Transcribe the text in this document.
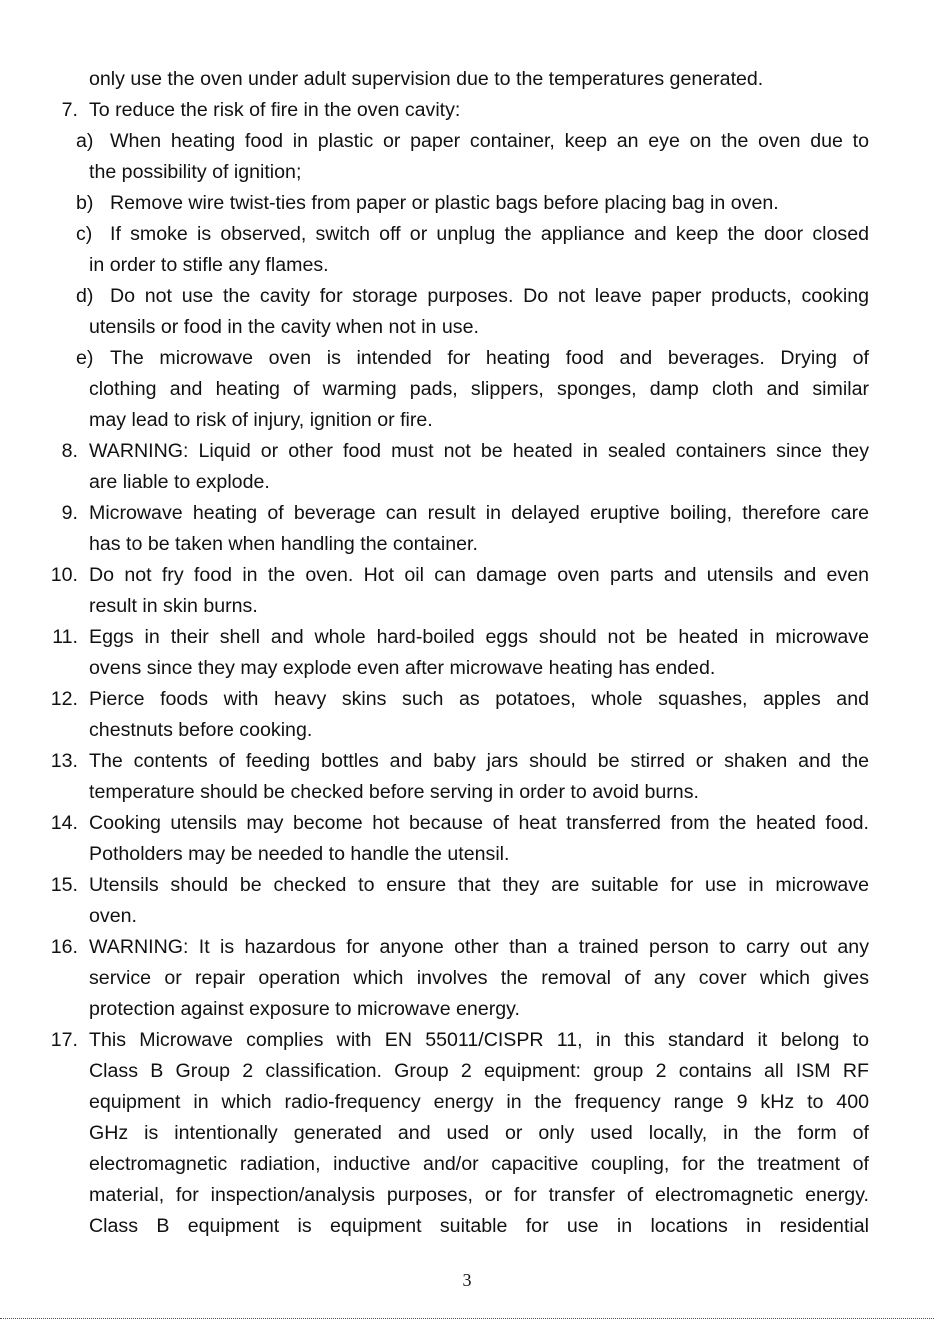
only use the oven under adult supervision due to the temperatures generated.
7. To reduce the risk of fire in the oven cavity:
a) When heating food in plastic or paper container, keep an eye on the oven due to
the possibility of ignition;
b) Remove wire twist-ties from paper or plastic bags before placing bag in oven.
c) If smoke is observed, switch off or unplug the appliance and keep the door closed
in order to stifle any flames.
d) Do not use the cavity for storage purposes. Do not leave paper products, cooking
utensils or food in the cavity when not in use.
e) The microwave oven is intended for heating food and beverages. Drying of
clothing and heating of warming pads, slippers, sponges, damp cloth and similar
may lead to risk of injury, ignition or fire.
8. WARNING: Liquid or other food must not be heated in sealed containers since they
are liable to explode.
9. Microwave heating of beverage can result in delayed eruptive boiling, therefore care
has to be taken when handling the container.
10. Do not fry food in the oven. Hot oil can damage oven parts and utensils and even
result in skin burns.
11. Eggs in their shell and whole hard-boiled eggs should not be heated in microwave
ovens since they may explode even after microwave heating has ended.
12. Pierce foods with heavy skins such as potatoes, whole squashes, apples and
chestnuts before cooking.
13. The contents of feeding bottles and baby jars should be stirred or shaken and the
temperature should be checked before serving in order to avoid burns.
14. Cooking utensils may become hot because of heat transferred from the heated food.
Potholders may be needed to handle the utensil.
15. Utensils should be checked to ensure that they are suitable for use in microwave
oven.
16. WARNING: It is hazardous for anyone other than a trained person to carry out any
service or repair operation which involves the removal of any cover which gives
protection against exposure to microwave energy.
17. This Microwave complies with EN 55011/CISPR 11, in this standard it belong to
Class B Group 2 classification. Group 2 equipment: group 2 contains all ISM RF
equipment in which radio-frequency energy in the frequency range 9 kHz to 400
GHz is intentionally generated and used or only used locally, in the form of
electromagnetic radiation, inductive and/or capacitive coupling, for the treatment of
material, for inspection/analysis purposes, or for transfer of electromagnetic energy.
Class B equipment is equipment suitable for use in locations in residential
3
